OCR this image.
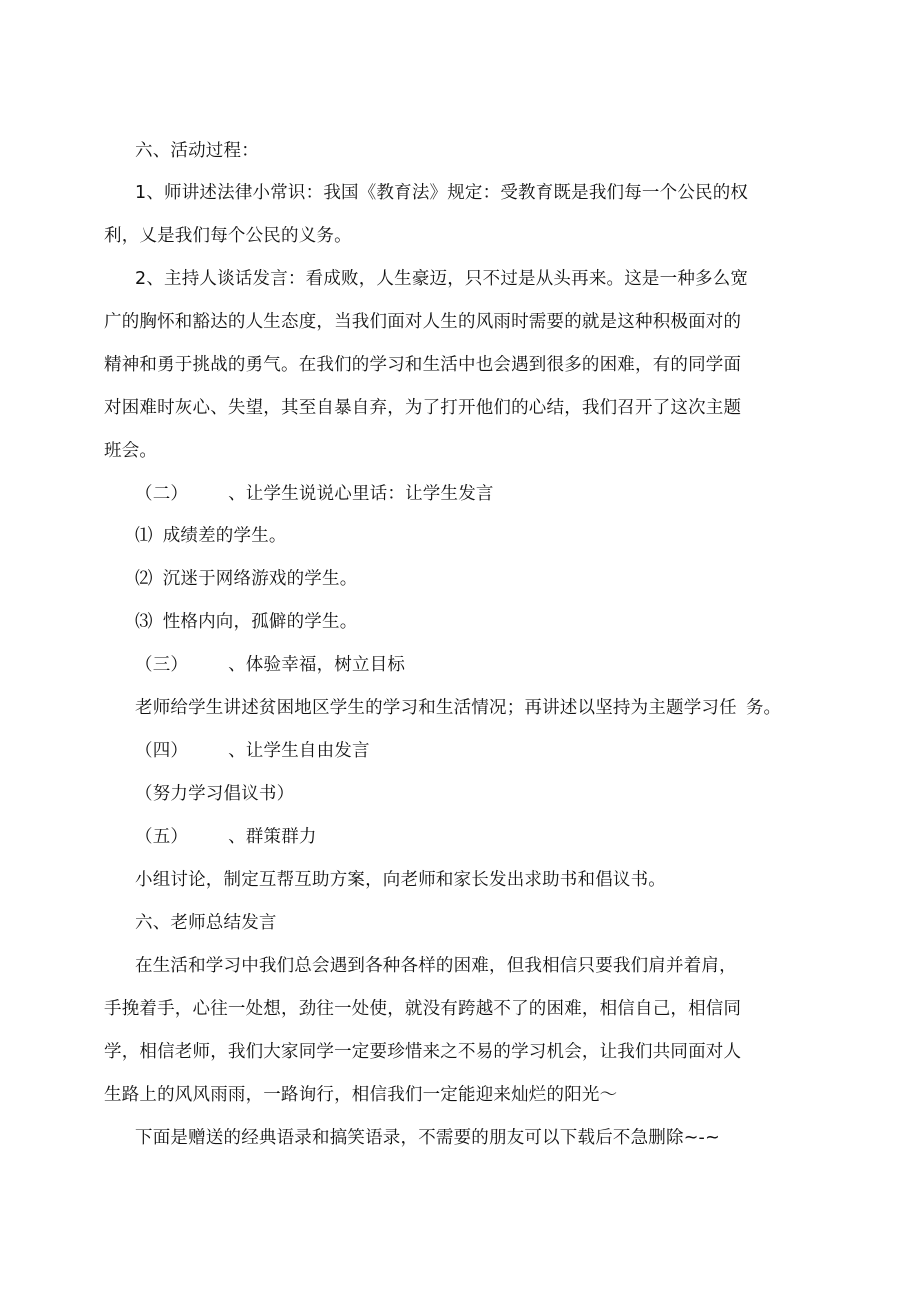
六、活动过程：
1、师讲述法律小常识：我国《教育法》规定：受教育既是我们每一个公民的权
利，乂是我们每个公民的义务。
2、主持人谈话发言：看成败，人生豪迈，只不过是从头再来。这是一种多么宽
广的胸怀和豁达的人生态度，当我们面对人生的风雨时需要的就是这种积极面对的
精神和勇于挑战的勇气。在我们的学习和生活中也会遇到很多的困难，有的同学面
对困难时灰心、失望，其至自暴自弃，为了打开他们的心结，我们召开了这次主题
班会。
（二） 、让学生说说心里话：让学生发言
⑴ 成绩差的学生。
⑵ 沉迷于网络游戏的学生。
⑶ 性格内向，孤僻的学生。
（三） 、体验幸福，树立目标
老师给学生讲述贫困地区学生的学习和生活情况；再讲述以坚持为主题学习任 务。
（四） 、让学生自由发言
（努力学习倡议书）
（五） 、群策群力
小组讨论，制定互帮互助方案，向老师和家长发出求助书和倡议书。
六、老师总结发言
在生活和学习中我们总会遇到各种各样的困难，但我相信只要我们肩并着肩，
手挽着手，心往一处想，劲往一处使，就没有跨越不了的困难，相信自己，相信同
学，相信老师，我们大家同学一定要珍惜来之不易的学习机会，让我们共同面对人
生路上的风风雨雨，一路询行，相信我们一定能迎来灿烂的阳光～
下面是赠送的经典语录和搞笑语录，不需要的朋友可以下载后不急删除~-~
